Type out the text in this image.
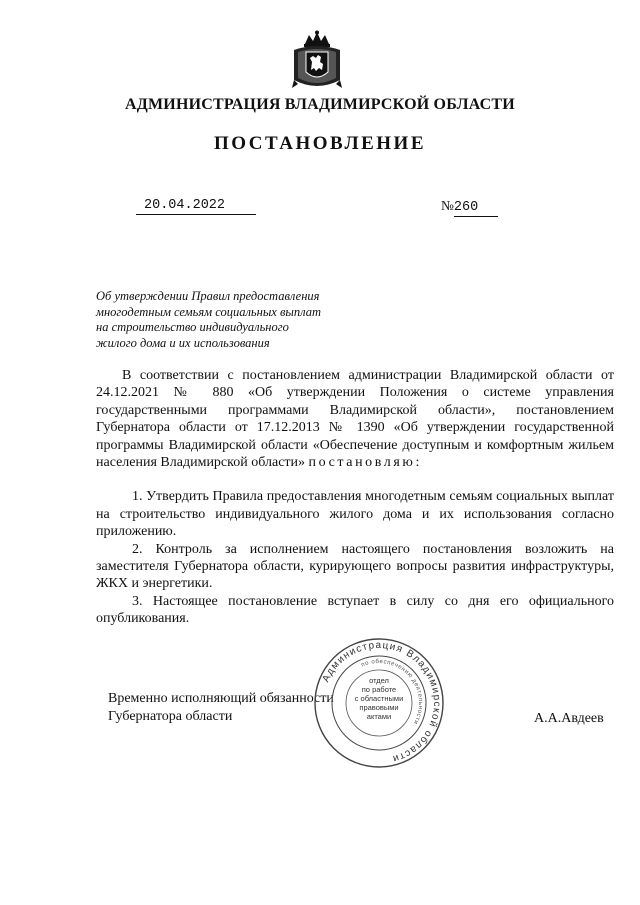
АДМИНИСТРАЦИЯ ВЛАДИМИРСКОЙ ОБЛАСТИ
ПОСТАНОВЛЕНИЕ
20.04.2022	№260
Об утверждении Правил предоставления
многодетным семьям социальных выплат
на строительство индивидуального
жилого дома и их использования

В соответствии с постановлением администрации Владимирской области от 24.12.2021 № 880 «Об утверждении Положения о системе управления государственными программами Владимирской области», постановлением Губернатора области от 17.12.2013 № 1390 «Об утверждении государственной программы Владимирской области «Обеспечение доступным и комфортным жильем населения Владимирской области» постановляю:

1. Утвердить Правила предоставления многодетным семьям социальных выплат на строительство индивидуального жилого дома и их использования согласно приложению.

2. Контроль за исполнением настоящего постановления возложить на заместителя Губернатора области, курирующего вопросы развития инфраструктуры, ЖКХ и энергетики.

3. Настоящее постановление вступает в силу со дня его официального опубликования.

Временно исполняющий обязанности
Губернатора области
Администрация Владимирской области
по обеспечению деятельности
отдел
по работе
с областными
правовыми
актами	А.А.Авдеев
